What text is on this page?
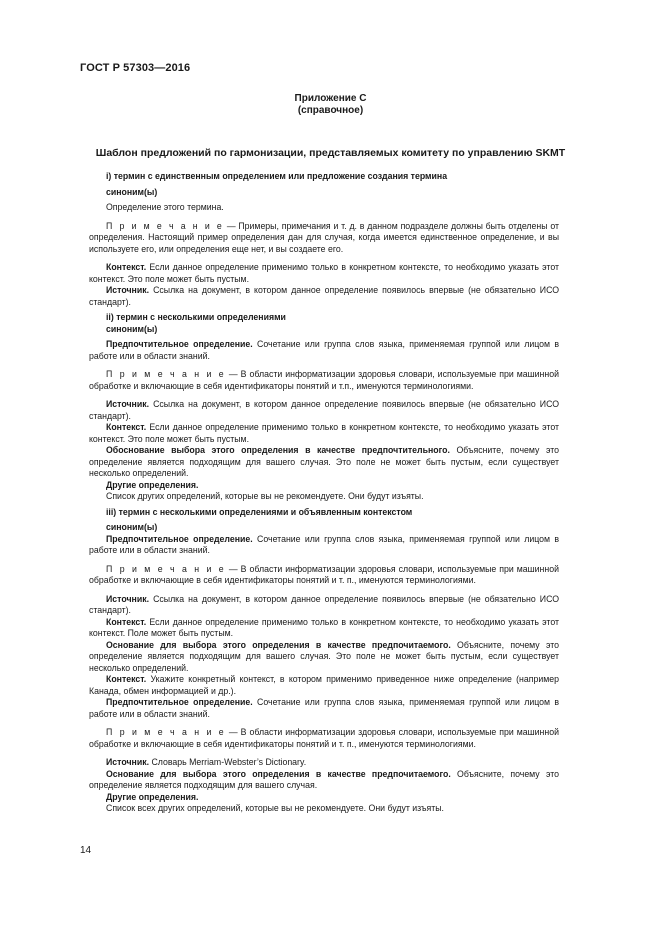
ГОСТ Р 57303—2016
Приложение С
(справочное)
Шаблон предложений по гармонизации, представляемых комитету по управлению SKMT

i) термин с единственным определением или предложение создания термина

синоним(ы)

Определение этого термина.

П р и м е ч а н и е — Примеры, примечания и т. д. в данном подразделе должны быть отделены от определения. Настоящий пример определения дан для случая, когда имеется единственное определение, и вы используете его, или определения еще нет, и вы создаете его.

Контекст. Если данное определение применимо только в конкретном контексте, то необходимо указать этот контекст. Это поле может быть пустым.

Источник. Ссылка на документ, в котором данное определение появилось впервые (не обязательно ИСО стандарт).

ii) термин с несколькими определениями

синоним(ы)

Предпочтительное определение. Сочетание или группа слов языка, применяемая группой или лицом в работе или в области знаний.

П р и м е ч а н и е — В области информатизации здоровья словари, используемые при машинной обработке и включающие в себя идентификаторы понятий и т.п., именуются терминологиями.

Источник. Ссылка на документ, в котором данное определение появилось впервые (не обязательно ИСО стандарт).

Контекст. Если данное определение применимо только в конкретном контексте, то необходимо указать этот контекст. Это поле может быть пустым.

Обоснование выбора этого определения в качестве предпочтительного. Объясните, почему это определение является подходящим для вашего случая. Это поле не может быть пустым, если существует несколько определений.

Другие определения.

Список других определений, которые вы не рекомендуете. Они будут изъяты.

iii) термин с несколькими определениями и объявленным контекстом

синоним(ы)

Предпочтительное определение. Сочетание или группа слов языка, применяемая группой или лицом в работе или в области знаний.

П р и м е ч а н и е — В области информатизации здоровья словари, используемые при машинной обработке и включающие в себя идентификаторы понятий и т. п., именуются терминологиями.

Источник. Ссылка на документ, в котором данное определение появилось впервые (не обязательно ИСО стандарт).

Контекст. Если данное определение применимо только в конкретном контексте, то необходимо указать этот контекст. Поле может быть пустым.

Основание для выбора этого определения в качестве предпочитаемого. Объясните, почему это определение является подходящим для вашего случая. Это поле не может быть пустым, если существует несколько определений.

Контекст. Укажите конкретный контекст, в котором применимо приведенное ниже определение (например Канада, обмен информацией и др.).

Предпочтительное определение. Сочетание или группа слов языка, применяемая группой или лицом в работе или в области знаний.

П р и м е ч а н и е — В области информатизации здоровья словари, используемые при машинной обработке и включающие в себя идентификаторы понятий и т. п., именуются терминологиями.

Источник. Словарь Merriam-Webster’s Dictionary.

Основание для выбора этого определения в качестве предпочитаемого. Объясните, почему это определение является подходящим для вашего случая.

Другие определения.

Список всех других определений, которые вы не рекомендуете. Они будут изъяты.

14
